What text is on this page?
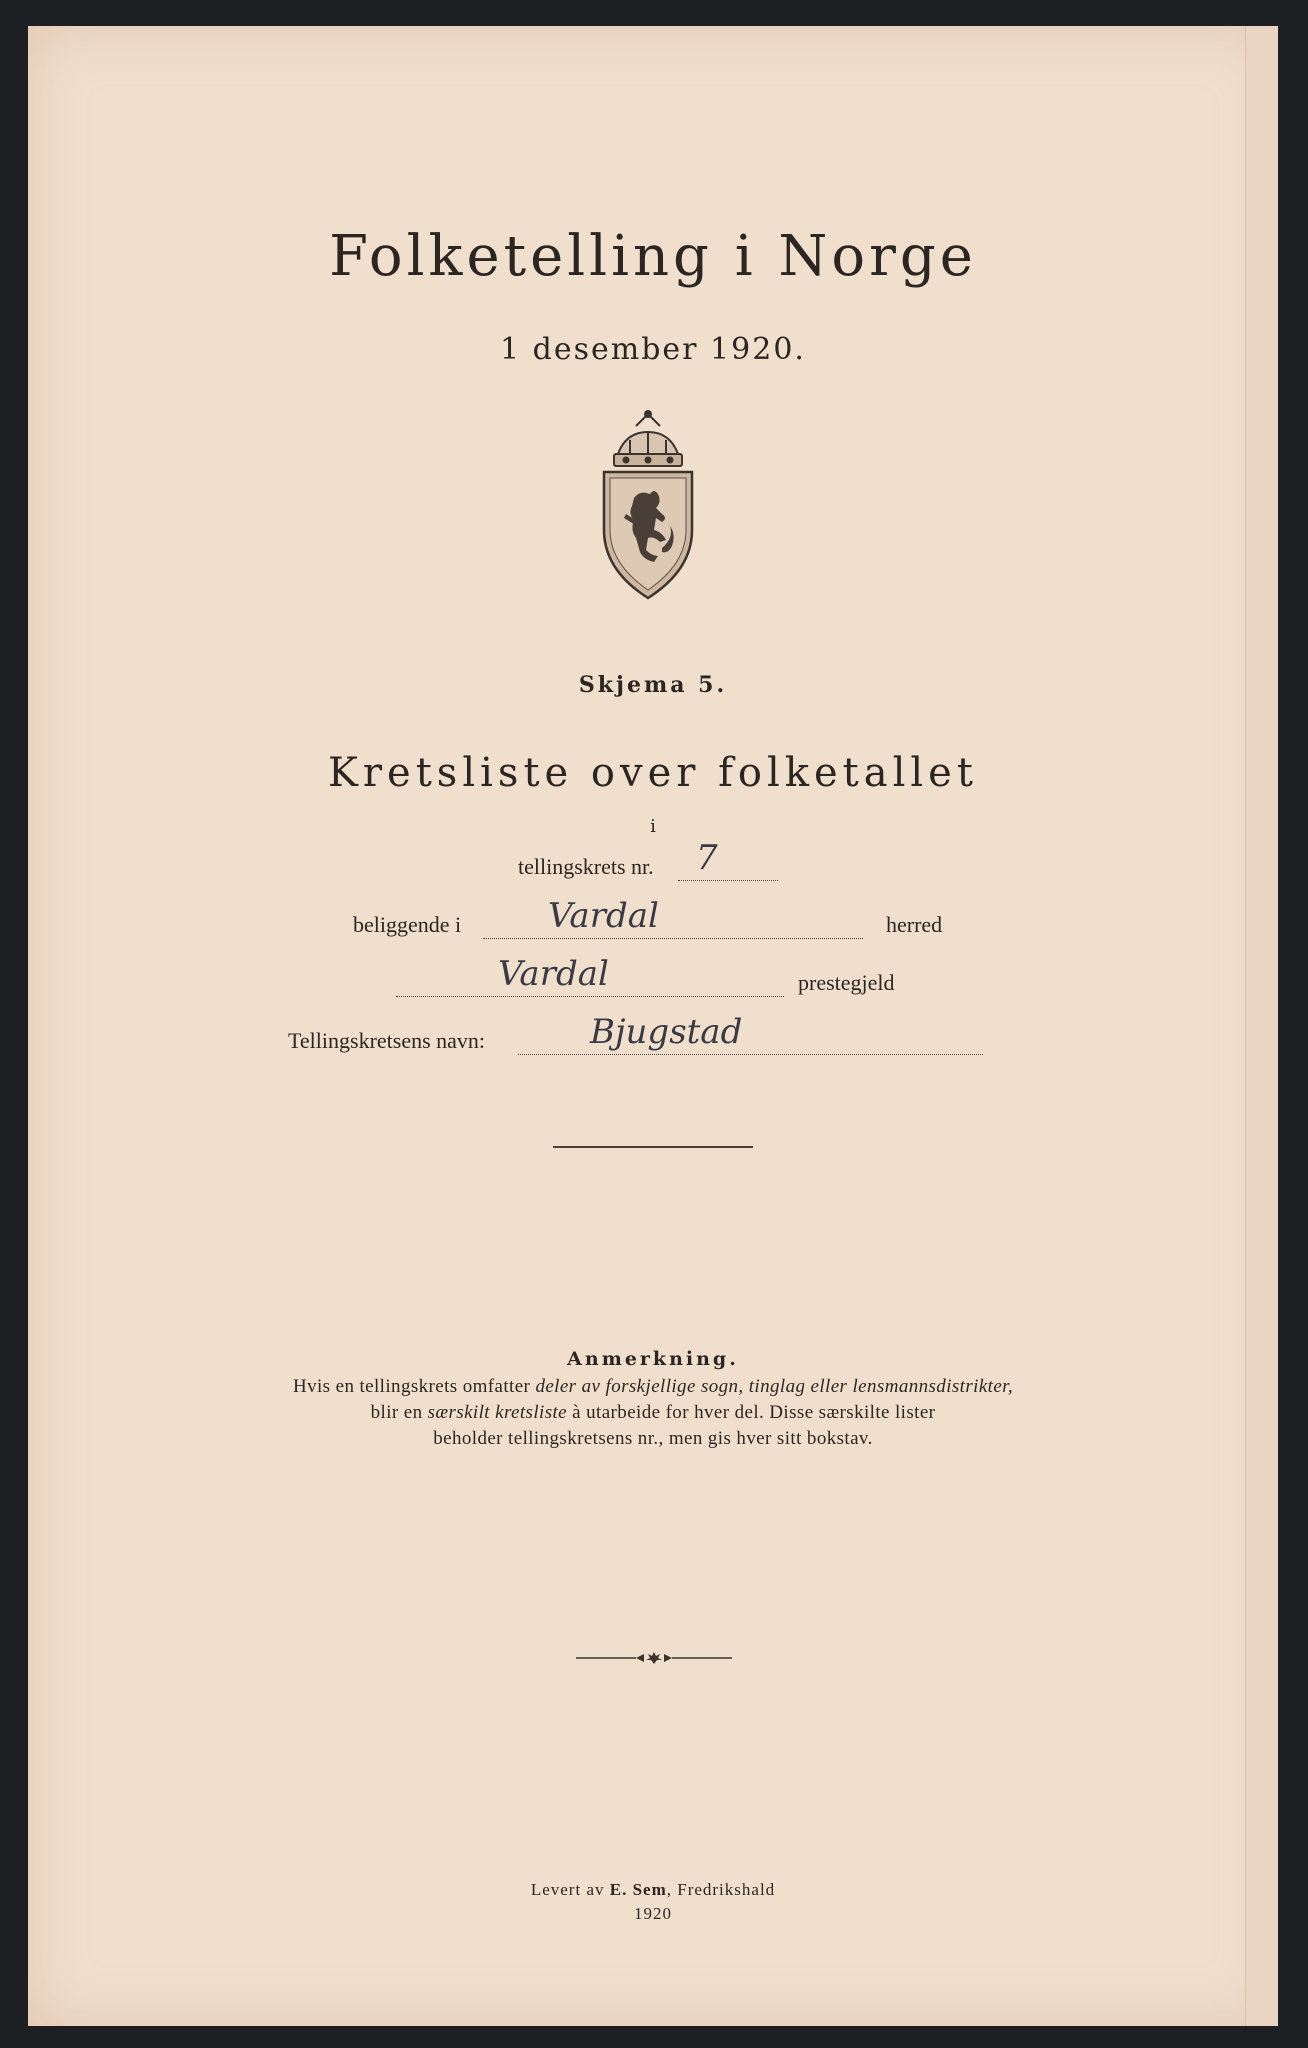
Folketelling i Norge
1 desember 1920.
Skjema 5.
Kretsliste over folketallet
i
tellingskrets nr. 7
beliggende i	Vardal	herred
Vardal	prestegjeld
Tellingskretsens navn:	Bjugstad
Anmerkning.
Hvis en tellingskrets omfatter deler av forskjellige sogn, tinglag eller lensmannsdistrikter,
blir en særskilt kretsliste à utarbeide for hver del. Disse særskilte lister
beholder tellingskretsens nr., men gis hver sitt bokstav.
Levert av E. Sem, Fredrikshald
1920
